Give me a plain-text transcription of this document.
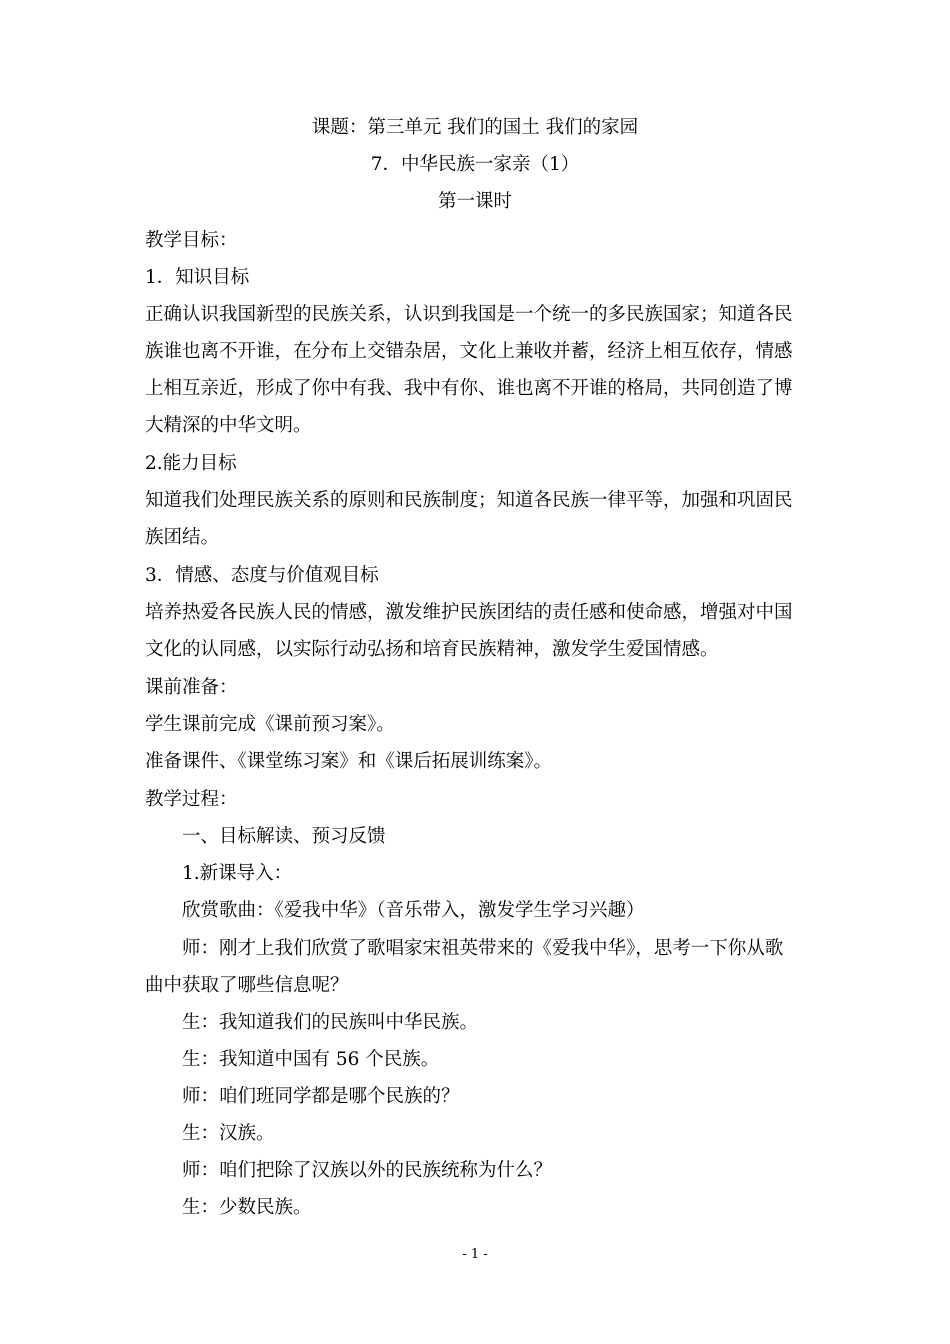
课题：第三单元 我们的国土 我们的家园
7．中华民族一家亲（1）
第一课时
教学目标：
1．知识目标
正确认识我国新型的民族关系，认识到我国是一个统一的多民族国家；知道各民
族谁也离不开谁，在分布上交错杂居，文化上兼收并蓄，经济上相互依存，情感
上相互亲近，形成了你中有我、我中有你、谁也离不开谁的格局，共同创造了博
大精深的中华文明。
2.能力目标
知道我们处理民族关系的原则和民族制度；知道各民族一律平等，加强和巩固民
族团结。
3．情感、态度与价值观目标
培养热爱各民族人民的情感，激发维护民族团结的责任感和使命感，增强对中国
文化的认同感，以实际行动弘扬和培育民族精神，激发学生爱国情感。
课前准备：
学生课前完成《课前预习案》。
准备课件、《课堂练习案》和《课后拓展训练案》。
教学过程：
一、目标解读、预习反馈
1.新课导入：
欣赏歌曲：《爱我中华》（音乐带入，激发学生学习兴趣）
师：刚才上我们欣赏了歌唱家宋祖英带来的《爱我中华》，思考一下你从歌
曲中获取了哪些信息呢？
生：我知道我们的民族叫中华民族。
生：我知道中国有 56 个民族。
师：咱们班同学都是哪个民族的？
生：汉族。
师：咱们把除了汉族以外的民族统称为什么？
生：少数民族。
- 1 -
